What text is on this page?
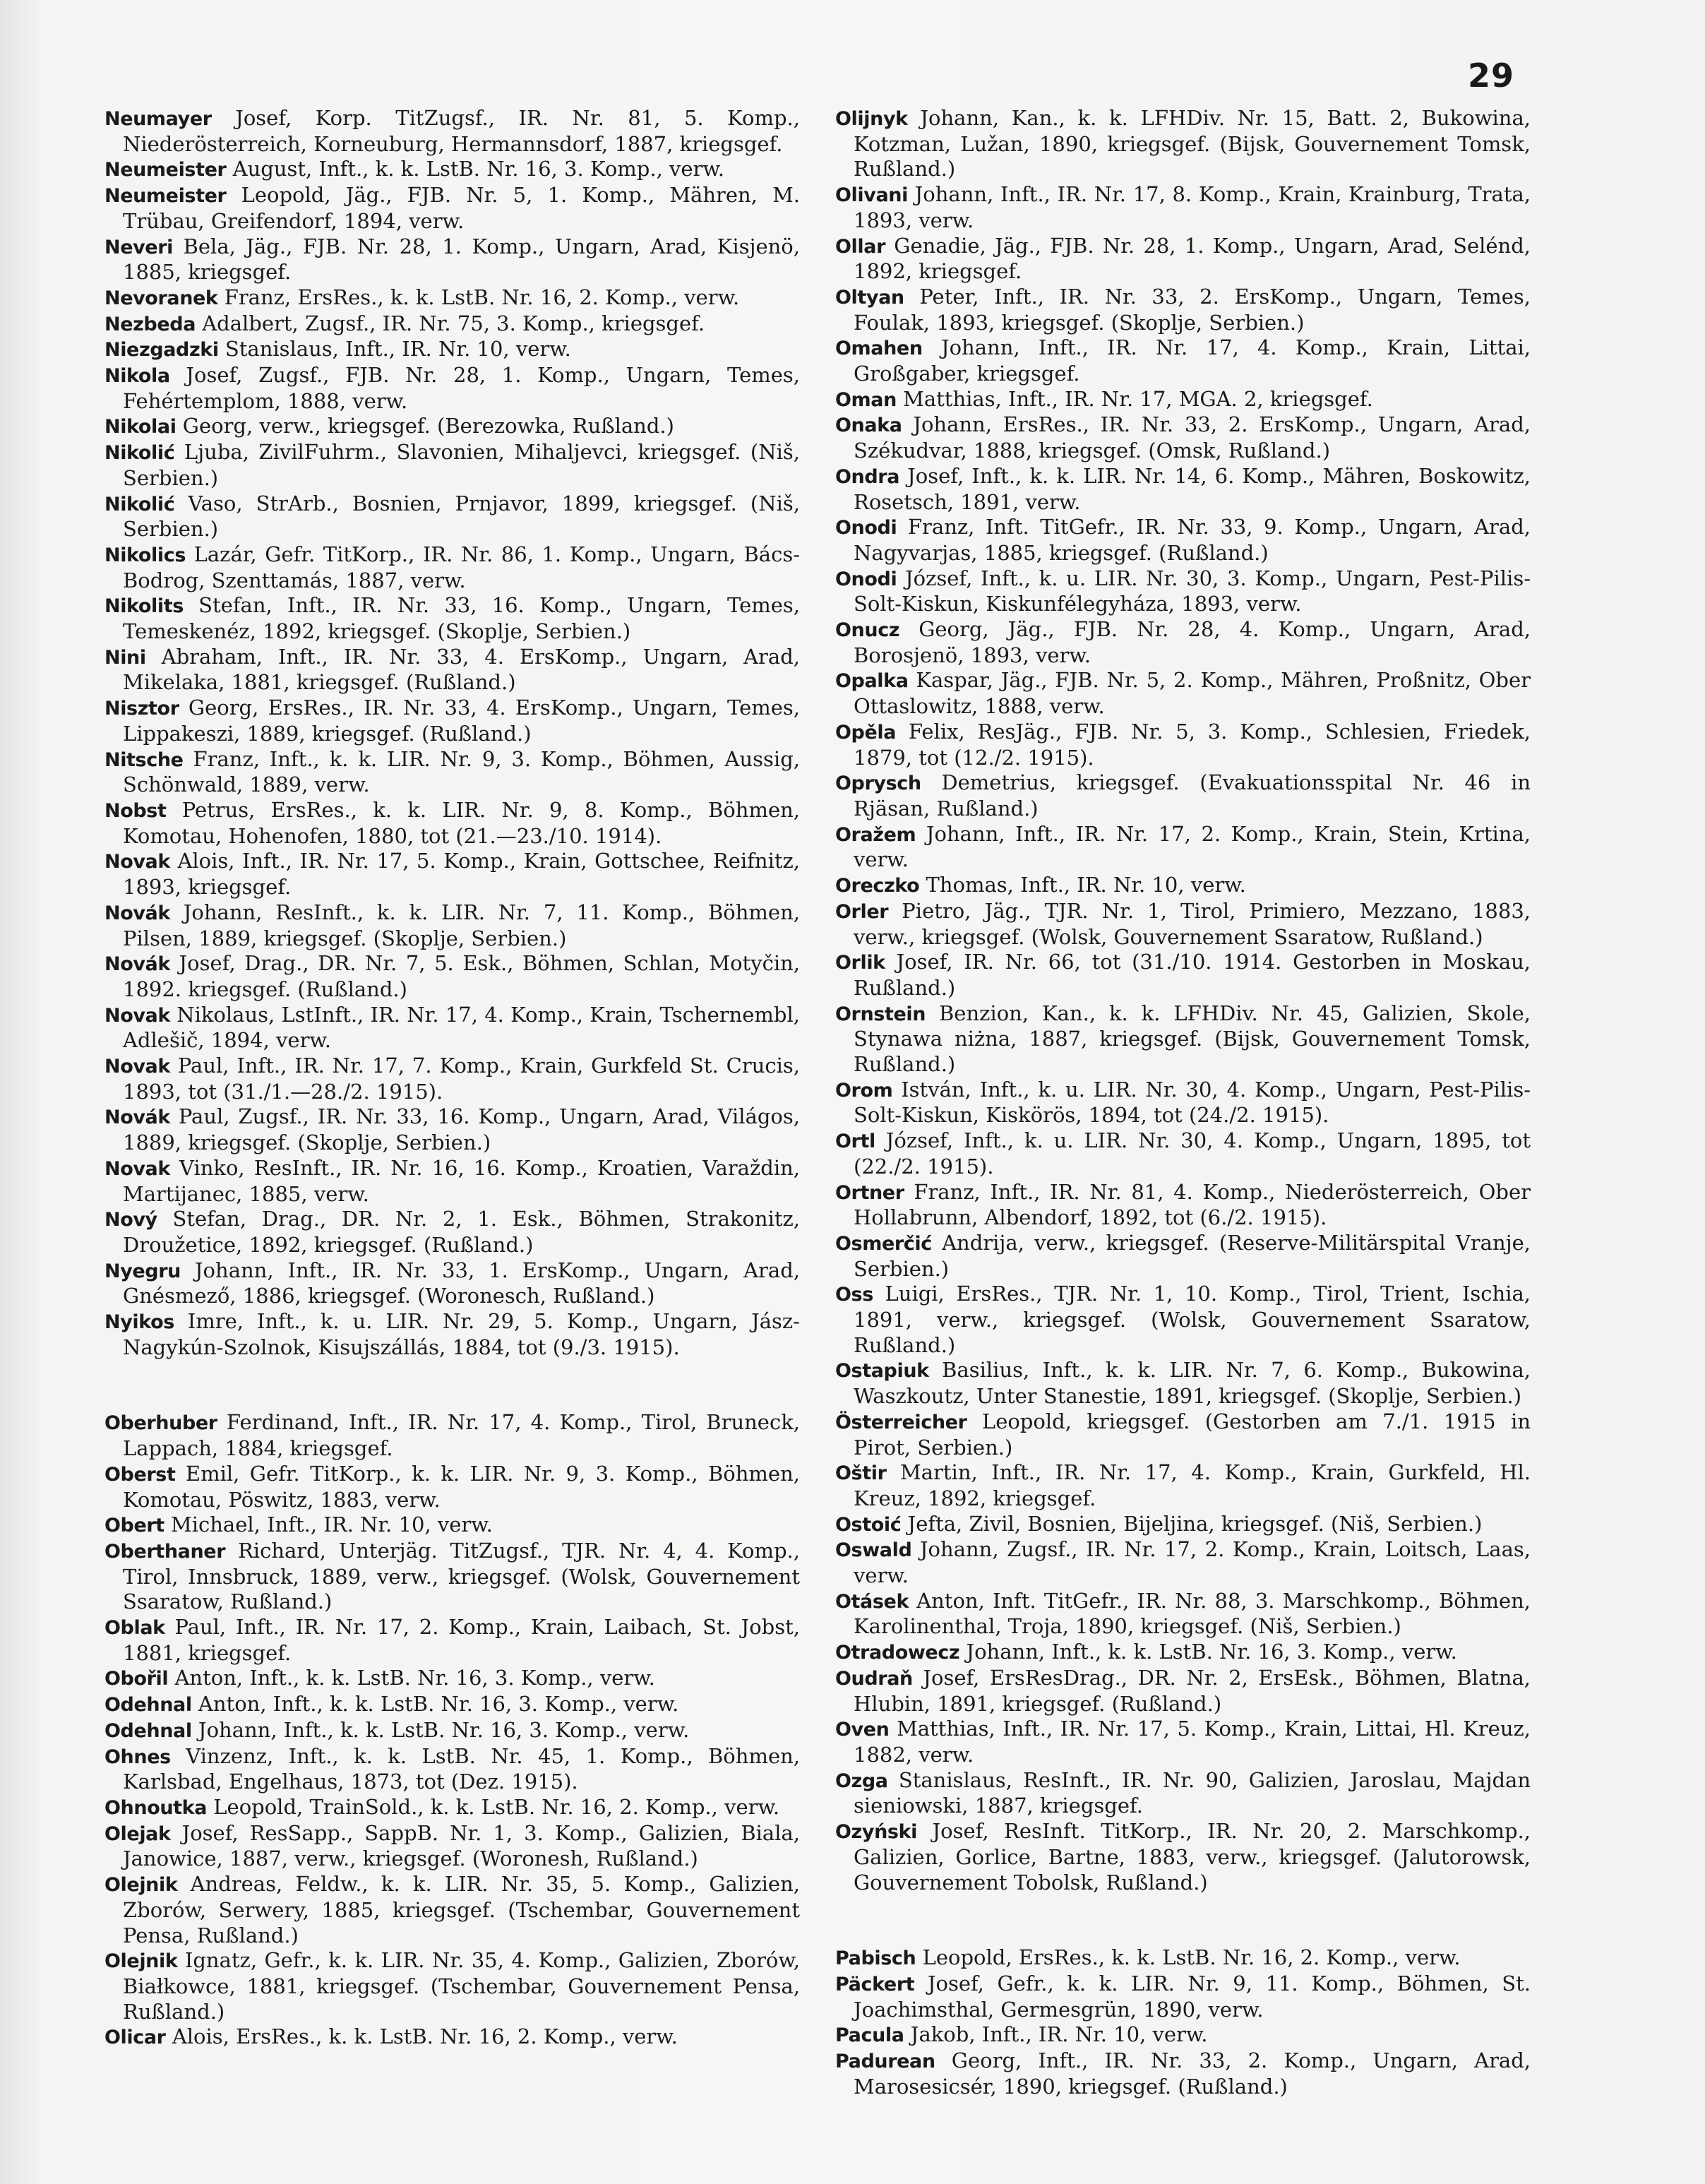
29

Neumayer Josef, Korp. TitZugsf., IR. Nr. 81, 5. Komp., Niederösterreich, Korneuburg, Hermannsdorf, 1887, kriegsgef.

Neumeister August, Inft., k. k. LstB. Nr. 16, 3. Komp., verw.

Neumeister Leopold, Jäg., FJB. Nr. 5, 1. Komp., Mähren, M. Trübau, Greifendorf, 1894, verw.

Neveri Bela, Jäg., FJB. Nr. 28, 1. Komp., Ungarn, Arad, Kisjenö, 1885, kriegsgef.

Nevoranek Franz, ErsRes., k. k. LstB. Nr. 16, 2. Komp., verw.

Nezbeda Adalbert, Zugsf., IR. Nr. 75, 3. Komp., kriegsgef.

Niezgadzki Stanislaus, Inft., IR. Nr. 10, verw.

Nikola Josef, Zugsf., FJB. Nr. 28, 1. Komp., Ungarn, Temes, Fehértemplom, 1888, verw.

Nikolai Georg, verw., kriegsgef. (Berezowka, Rußland.)

Nikolić Ljuba, ZivilFuhrm., Slavonien, Mihaljevci, kriegsgef. (Niš, Serbien.)

Nikolić Vaso, StrArb., Bosnien, Prnjavor, 1899, kriegsgef. (Niš, Serbien.)

Nikolics Lazár, Gefr. TitKorp., IR. Nr. 86, 1. Komp., Ungarn, Bács-Bodrog, Szenttamás, 1887, verw.

Nikolits Stefan, Inft., IR. Nr. 33, 16. Komp., Ungarn, Temes, Temeskenéz, 1892, kriegsgef. (Skoplje, Serbien.)

Nini Abraham, Inft., IR. Nr. 33, 4. ErsKomp., Ungarn, Arad, Mikelaka, 1881, kriegsgef. (Rußland.)

Nisztor Georg, ErsRes., IR. Nr. 33, 4. ErsKomp., Ungarn, Temes, Lippakeszi, 1889, kriegsgef. (Rußland.)

Nitsche Franz, Inft., k. k. LIR. Nr. 9, 3. Komp., Böhmen, Aussig, Schönwald, 1889, verw.

Nobst Petrus, ErsRes., k. k. LIR. Nr. 9, 8. Komp., Böhmen, Komotau, Hohenofen, 1880, tot (21.—23./10. 1914).

Novak Alois, Inft., IR. Nr. 17, 5. Komp., Krain, Gottschee, Reifnitz, 1893, kriegsgef.

Novák Johann, ResInft., k. k. LIR. Nr. 7, 11. Komp., Böhmen, Pilsen, 1889, kriegsgef. (Skoplje, Serbien.)

Novák Josef, Drag., DR. Nr. 7, 5. Esk., Böhmen, Schlan, Motyčin, 1892. kriegsgef. (Rußland.)

Novak Nikolaus, LstInft., IR. Nr. 17, 4. Komp., Krain, Tschernembl, Adlešič, 1894, verw.

Novak Paul, Inft., IR. Nr. 17, 7. Komp., Krain, Gurkfeld St. Crucis, 1893, tot (31./1.—28./2. 1915).

Novák Paul, Zugsf., IR. Nr. 33, 16. Komp., Ungarn, Arad, Világos, 1889, kriegsgef. (Skoplje, Serbien.)

Novak Vinko, ResInft., IR. Nr. 16, 16. Komp., Kroatien, Varaždin, Martijanec, 1885, verw.

Nový Stefan, Drag., DR. Nr. 2, 1. Esk., Böhmen, Strakonitz, Droužetice, 1892, kriegsgef. (Rußland.)

Nyegru Johann, Inft., IR. Nr. 33, 1. ErsKomp., Ungarn, Arad, Gnésmező, 1886, kriegsgef. (Woronesch, Rußland.)

Nyikos Imre, Inft., k. u. LIR. Nr. 29, 5. Komp., Ungarn, Jász-Nagykún-Szolnok, Kisujszállás, 1884, tot (9./3. 1915).

Oberhuber Ferdinand, Inft., IR. Nr. 17, 4. Komp., Tirol, Bruneck, Lappach, 1884, kriegsgef.

Oberst Emil, Gefr. TitKorp., k. k. LIR. Nr. 9, 3. Komp., Böhmen, Komotau, Pöswitz, 1883, verw.

Obert Michael, Inft., IR. Nr. 10, verw.

Oberthaner Richard, Unterjäg. TitZugsf., TJR. Nr. 4, 4. Komp., Tirol, Innsbruck, 1889, verw., kriegsgef. (Wolsk, Gouvernement Ssaratow, Rußland.)

Oblak Paul, Inft., IR. Nr. 17, 2. Komp., Krain, Laibach, St. Jobst, 1881, kriegsgef.

Obořil Anton, Inft., k. k. LstB. Nr. 16, 3. Komp., verw.

Odehnal Anton, Inft., k. k. LstB. Nr. 16, 3. Komp., verw.

Odehnal Johann, Inft., k. k. LstB. Nr. 16, 3. Komp., verw.

Ohnes Vinzenz, Inft., k. k. LstB. Nr. 45, 1. Komp., Böhmen, Karlsbad, Engelhaus, 1873, tot (Dez. 1915).

Ohnoutka Leopold, TrainSold., k. k. LstB. Nr. 16, 2. Komp., verw.

Olejak Josef, ResSapp., SappB. Nr. 1, 3. Komp., Galizien, Biala, Janowice, 1887, verw., kriegsgef. (Woronesh, Rußland.)

Olejnik Andreas, Feldw., k. k. LIR. Nr. 35, 5. Komp., Galizien, Zborów, Serwery, 1885, kriegsgef. (Tschembar, Gouvernement Pensa, Rußland.)

Olejnik Ignatz, Gefr., k. k. LIR. Nr. 35, 4. Komp., Galizien, Zborów, Białkowce, 1881, kriegsgef. (Tschembar, Gouvernement Pensa, Rußland.)

Olicar Alois, ErsRes., k. k. LstB. Nr. 16, 2. Komp., verw.

Olijnyk Johann, Kan., k. k. LFHDiv. Nr. 15, Batt. 2, Bukowina, Kotzman, Lužan, 1890, kriegsgef. (Bijsk, Gouvernement Tomsk, Rußland.)

Olivani Johann, Inft., IR. Nr. 17, 8. Komp., Krain, Krainburg, Trata, 1893, verw.

Ollar Genadie, Jäg., FJB. Nr. 28, 1. Komp., Ungarn, Arad, Selénd, 1892, kriegsgef.

Oltyan Peter, Inft., IR. Nr. 33, 2. ErsKomp., Ungarn, Temes, Foulak, 1893, kriegsgef. (Skoplje, Serbien.)

Omahen Johann, Inft., IR. Nr. 17, 4. Komp., Krain, Littai, Großgaber, kriegsgef.

Oman Matthias, Inft., IR. Nr. 17, MGA. 2, kriegsgef.

Onaka Johann, ErsRes., IR. Nr. 33, 2. ErsKomp., Ungarn, Arad, Székudvar, 1888, kriegsgef. (Omsk, Rußland.)

Ondra Josef, Inft., k. k. LIR. Nr. 14, 6. Komp., Mähren, Boskowitz, Rosetsch, 1891, verw.

Onodi Franz, Inft. TitGefr., IR. Nr. 33, 9. Komp., Ungarn, Arad, Nagyvarjas, 1885, kriegsgef. (Rußland.)

Onodi József, Inft., k. u. LIR. Nr. 30, 3. Komp., Ungarn, Pest-Pilis-Solt-Kiskun, Kiskunfélegyháza, 1893, verw.

Onucz Georg, Jäg., FJB. Nr. 28, 4. Komp., Ungarn, Arad, Borosjenö, 1893, verw.

Opalka Kaspar, Jäg., FJB. Nr. 5, 2. Komp., Mähren, Proßnitz, Ober Ottaslowitz, 1888, verw.

Opěla Felix, ResJäg., FJB. Nr. 5, 3. Komp., Schlesien, Friedek, 1879, tot (12./2. 1915).

Oprysch Demetrius, kriegsgef. (Evakuationsspital Nr. 46 in Rjäsan, Rußland.)

Oražem Johann, Inft., IR. Nr. 17, 2. Komp., Krain, Stein, Krtina, verw.

Oreczko Thomas, Inft., IR. Nr. 10, verw.

Orler Pietro, Jäg., TJR. Nr. 1, Tirol, Primiero, Mezzano, 1883, verw., kriegsgef. (Wolsk, Gouvernement Ssaratow, Rußland.)

Orlik Josef, IR. Nr. 66, tot (31./10. 1914. Gestorben in Moskau, Rußland.)

Ornstein Benzion, Kan., k. k. LFHDiv. Nr. 45, Galizien, Skole, Stynawa niżna, 1887, kriegsgef. (Bijsk, Gouvernement Tomsk, Rußland.)

Orom István, Inft., k. u. LIR. Nr. 30, 4. Komp., Ungarn, Pest-Pilis-Solt-Kiskun, Kiskörös, 1894, tot (24./2. 1915).

Ortl József, Inft., k. u. LIR. Nr. 30, 4. Komp., Ungarn, 1895, tot (22./2. 1915).

Ortner Franz, Inft., IR. Nr. 81, 4. Komp., Niederösterreich, Ober Hollabrunn, Albendorf, 1892, tot (6./2. 1915).

Osmerčić Andrija, verw., kriegsgef. (Reserve-Militärspital Vranje, Serbien.)

Oss Luigi, ErsRes., TJR. Nr. 1, 10. Komp., Tirol, Trient, Ischia, 1891, verw., kriegsgef. (Wolsk, Gouvernement Ssaratow, Rußland.)

Ostapiuk Basilius, Inft., k. k. LIR. Nr. 7, 6. Komp., Bukowina, Waszkoutz, Unter Stanestie, 1891, kriegsgef. (Skoplje, Serbien.)

Österreicher Leopold, kriegsgef. (Gestorben am 7./1. 1915 in Pirot, Serbien.)

Oštir Martin, Inft., IR. Nr. 17, 4. Komp., Krain, Gurkfeld, Hl. Kreuz, 1892, kriegsgef.

Ostoić Jefta, Zivil, Bosnien, Bijeljina, kriegsgef. (Niš, Serbien.)

Oswald Johann, Zugsf., IR. Nr. 17, 2. Komp., Krain, Loitsch, Laas, verw.

Otásek Anton, Inft. TitGefr., IR. Nr. 88, 3. Marschkomp., Böhmen, Karolinenthal, Troja, 1890, kriegsgef. (Niš, Serbien.)

Otradowecz Johann, Inft., k. k. LstB. Nr. 16, 3. Komp., verw.

Oudraň Josef, ErsResDrag., DR. Nr. 2, ErsEsk., Böhmen, Blatna, Hlubin, 1891, kriegsgef. (Rußland.)

Oven Matthias, Inft., IR. Nr. 17, 5. Komp., Krain, Littai, Hl. Kreuz, 1882, verw.

Ozga Stanislaus, ResInft., IR. Nr. 90, Galizien, Jaroslau, Majdan sieniowski, 1887, kriegsgef.

Ozyński Josef, ResInft. TitKorp., IR. Nr. 20, 2. Marschkomp., Galizien, Gorlice, Bartne, 1883, verw., kriegsgef. (Jalutorowsk, Gouvernement Tobolsk, Rußland.)

Pabisch Leopold, ErsRes., k. k. LstB. Nr. 16, 2. Komp., verw.

Päckert Josef, Gefr., k. k. LIR. Nr. 9, 11. Komp., Böhmen, St. Joachimsthal, Germesgrün, 1890, verw.

Pacula Jakob, Inft., IR. Nr. 10, verw.

Padurean Georg, Inft., IR. Nr. 33, 2. Komp., Ungarn, Arad, Marosesicsér, 1890, kriegsgef. (Rußland.)
